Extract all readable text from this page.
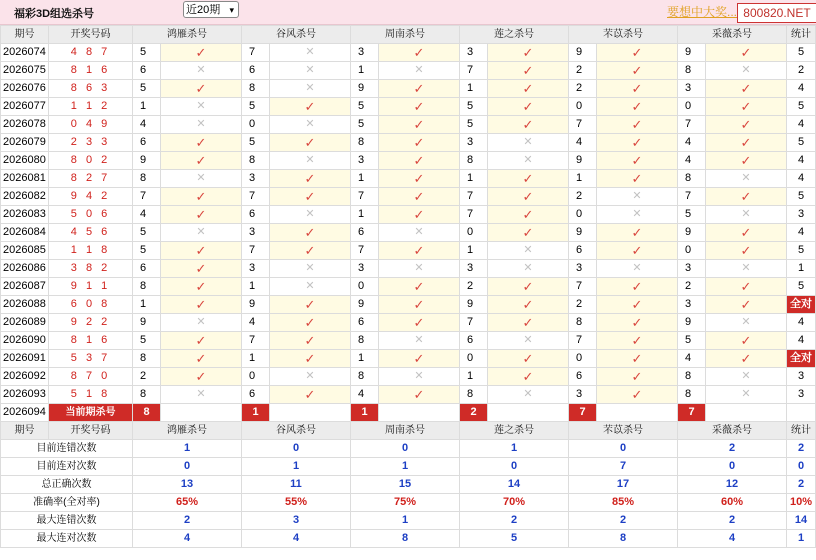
福彩3D组选杀号	近20期 ▾	要想中大奖... 800820.NET
期号	开奖号码	鸿雁杀号		谷风杀号		周南杀号		莲之杀号		芣苡杀号		采薇杀号		统计
2026074	4 8 7	5	✓	7	✕	3	✓	3	✓	9	✓	9	✓	5
2026075	8 1 6	6	✕	6	✕	1	✕	7	✓	2	✓	8	✕	2
2026076	8 6 3	5	✓	8	✕	9	✓	1	✓	2	✓	3	✓	4
2026077	1 1 2	1	✕	5	✓	5	✓	5	✓	0	✓	0	✓	5
2026078	0 4 9	4	✕	0	✕	5	✓	5	✓	7	✓	7	✓	4
2026079	2 3 3	6	✓	5	✓	8	✓	3	✕	4	✓	4	✓	5
2026080	8 0 2	9	✓	8	✕	3	✓	8	✕	9	✓	4	✓	4
2026081	8 2 7	8	✕	3	✓	1	✓	1	✓	1	✓	8	✕	4
2026082	9 4 2	7	✓	7	✓	7	✓	7	✓	2	✕	7	✓	5
2026083	5 0 6	4	✓	6	✕	1	✓	7	✓	0	✕	5	✕	3
2026084	4 5 6	5	✕	3	✓	6	✕	0	✓	9	✓	9	✓	4
2026085	1 1 8	5	✓	7	✓	7	✓	1	✕	6	✓	0	✓	5
2026086	3 8 2	6	✓	3	✕	3	✕	3	✕	3	✕	3	✕	1
2026087	9 1 1	8	✓	1	✕	0	✓	2	✓	7	✓	2	✓	5
2026088	6 0 8	1	✓	9	✓	9	✓	9	✓	2	✓	3	✓	全对
2026089	9 2 2	9	✕	4	✓	6	✓	7	✓	8	✓	9	✕	4
2026090	8 1 6	5	✓	7	✓	8	✕	6	✕	7	✓	5	✓	4
2026091	5 3 7	8	✓	1	✓	1	✓	0	✓	0	✓	4	✓	全对
2026092	8 7 0	2	✓	0	✕	8	✕	1	✓	6	✓	8	✕	3
2026093	5 1 8	8	✕	6	✓	4	✓	8	✕	3	✓	8	✕	3
2026094	当前期杀号	8		1		1		2		7		7		
期号	开奖号码	鸿雁杀号		谷风杀号		周南杀号		莲之杀号		芣苡杀号		采薇杀号		统计
目前连错次数		1		0		0		1		0		2		2
目前连对次数		0		1		1		0		7		0		0
总正确次数		13		11		15		14		17		12		2
准确率(全对率)		65%		55%		75%		70%		85%		60%		10%
最大连错次数		2		3		1		2		2		2		14
最大连对次数		4		4		8		5		8		4		1
